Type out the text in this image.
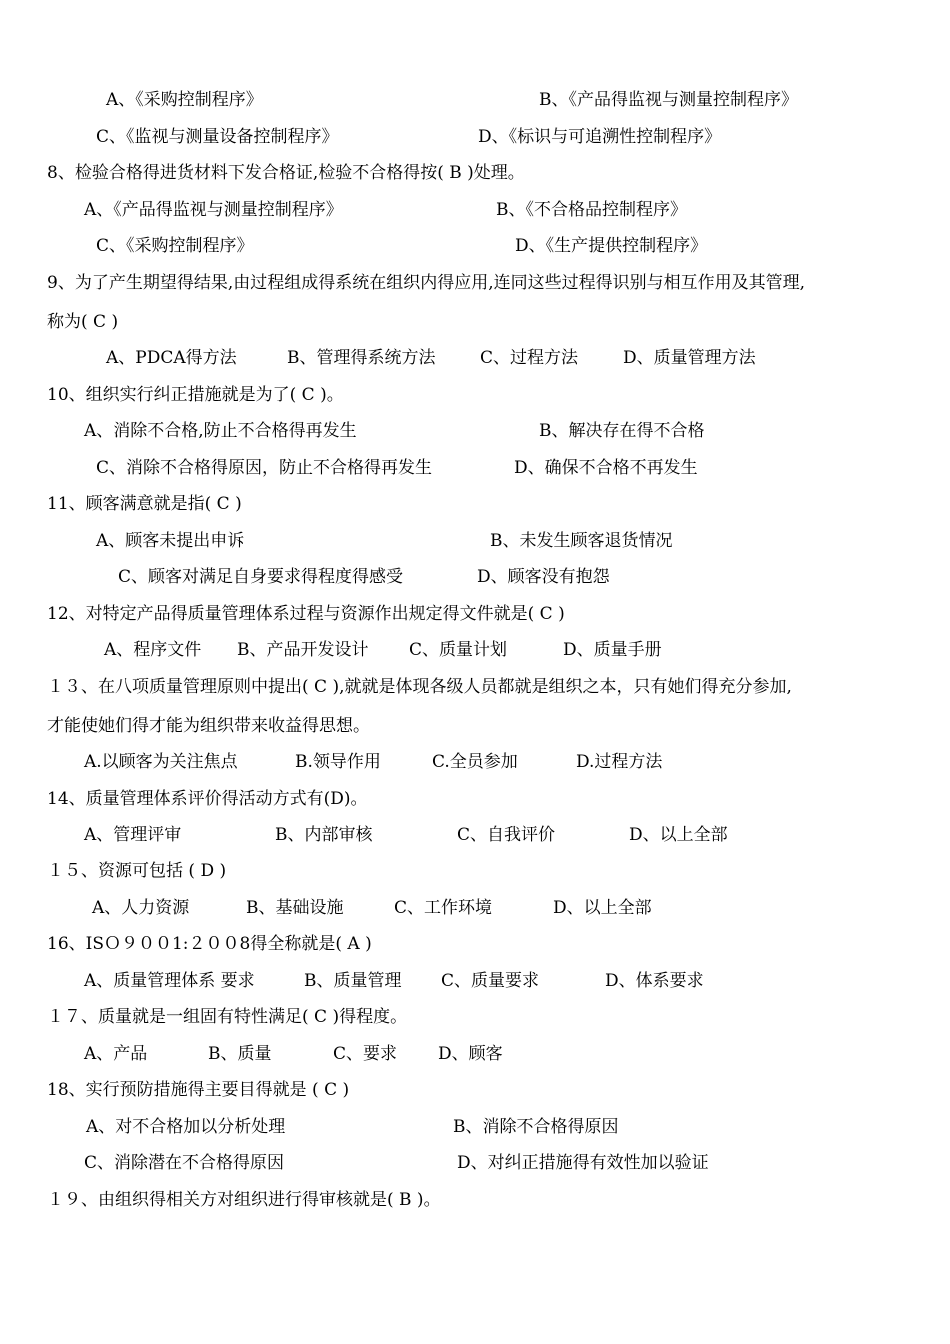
A、《采购控制程序》	B、《产品得监视与测量控制程序》
C、《监视与测量设备控制程序》	D、《标识与可追溯性控制程序》
8、检验合格得进货材料下发合格证,检验不合格得按( B )处理。
A、《产品得监视与测量控制程序》	B、《不合格品控制程序》
C、《采购控制程序》	D、《生产提供控制程序》
9、为了产生期望得结果,由过程组成得系统在组织内得应用,连同这些过程得识别与相互作用及其管理,
称为( C )
A、PDCA得方法	B、管理得系统方法	C、过程方法	D、质量管理方法
10、组织实行纠正措施就是为了( C )。
A、消除不合格,防止不合格得再发生	B、解决存在得不合格
C、消除不合格得原因，防止不合格得再发生	D、确保不合格不再发生
11、顾客满意就是指( C )
A、顾客未提出申诉	B、未发生顾客退货情况
C、顾客对满足自身要求得程度得感受	D、顾客没有抱怨
12、对特定产品得质量管理体系过程与资源作出规定得文件就是( C )
A、程序文件 B、产品开发设计 C、质量计划	D、质量手册
１３、在八项质量管理原则中提出( C ),就就是体现各级人员都就是组织之本，只有她们得充分参加,
才能使她们得才能为组织带来收益得思想。
A.以顾客为关注焦点	B.领导作用	C.全员参加	D.过程方法
14、质量管理体系评价得活动方式有(D)。
A、管理评审	B、内部审核	C、自我评价	D、以上全部
１５、资源可包括 ( D )
A、人力资源	B、基础设施	C、工作环境	D、以上全部
16、ISＯ９００1:２００8得全称就是( A )
A、质量管理体系 要求	B、质量管理 C、质量要求	D、体系要求
１７、质量就是一组固有特性满足( C )得程度。
A、产品	B、质量	C、要求 D、顾客
18、实行预防措施得主要目得就是 ( C )
A、对不合格加以分析处理	B、消除不合格得原因
C、消除潜在不合格得原因	D、对纠正措施得有效性加以验证
１９、由组织得相关方对组织进行得审核就是( B )。
